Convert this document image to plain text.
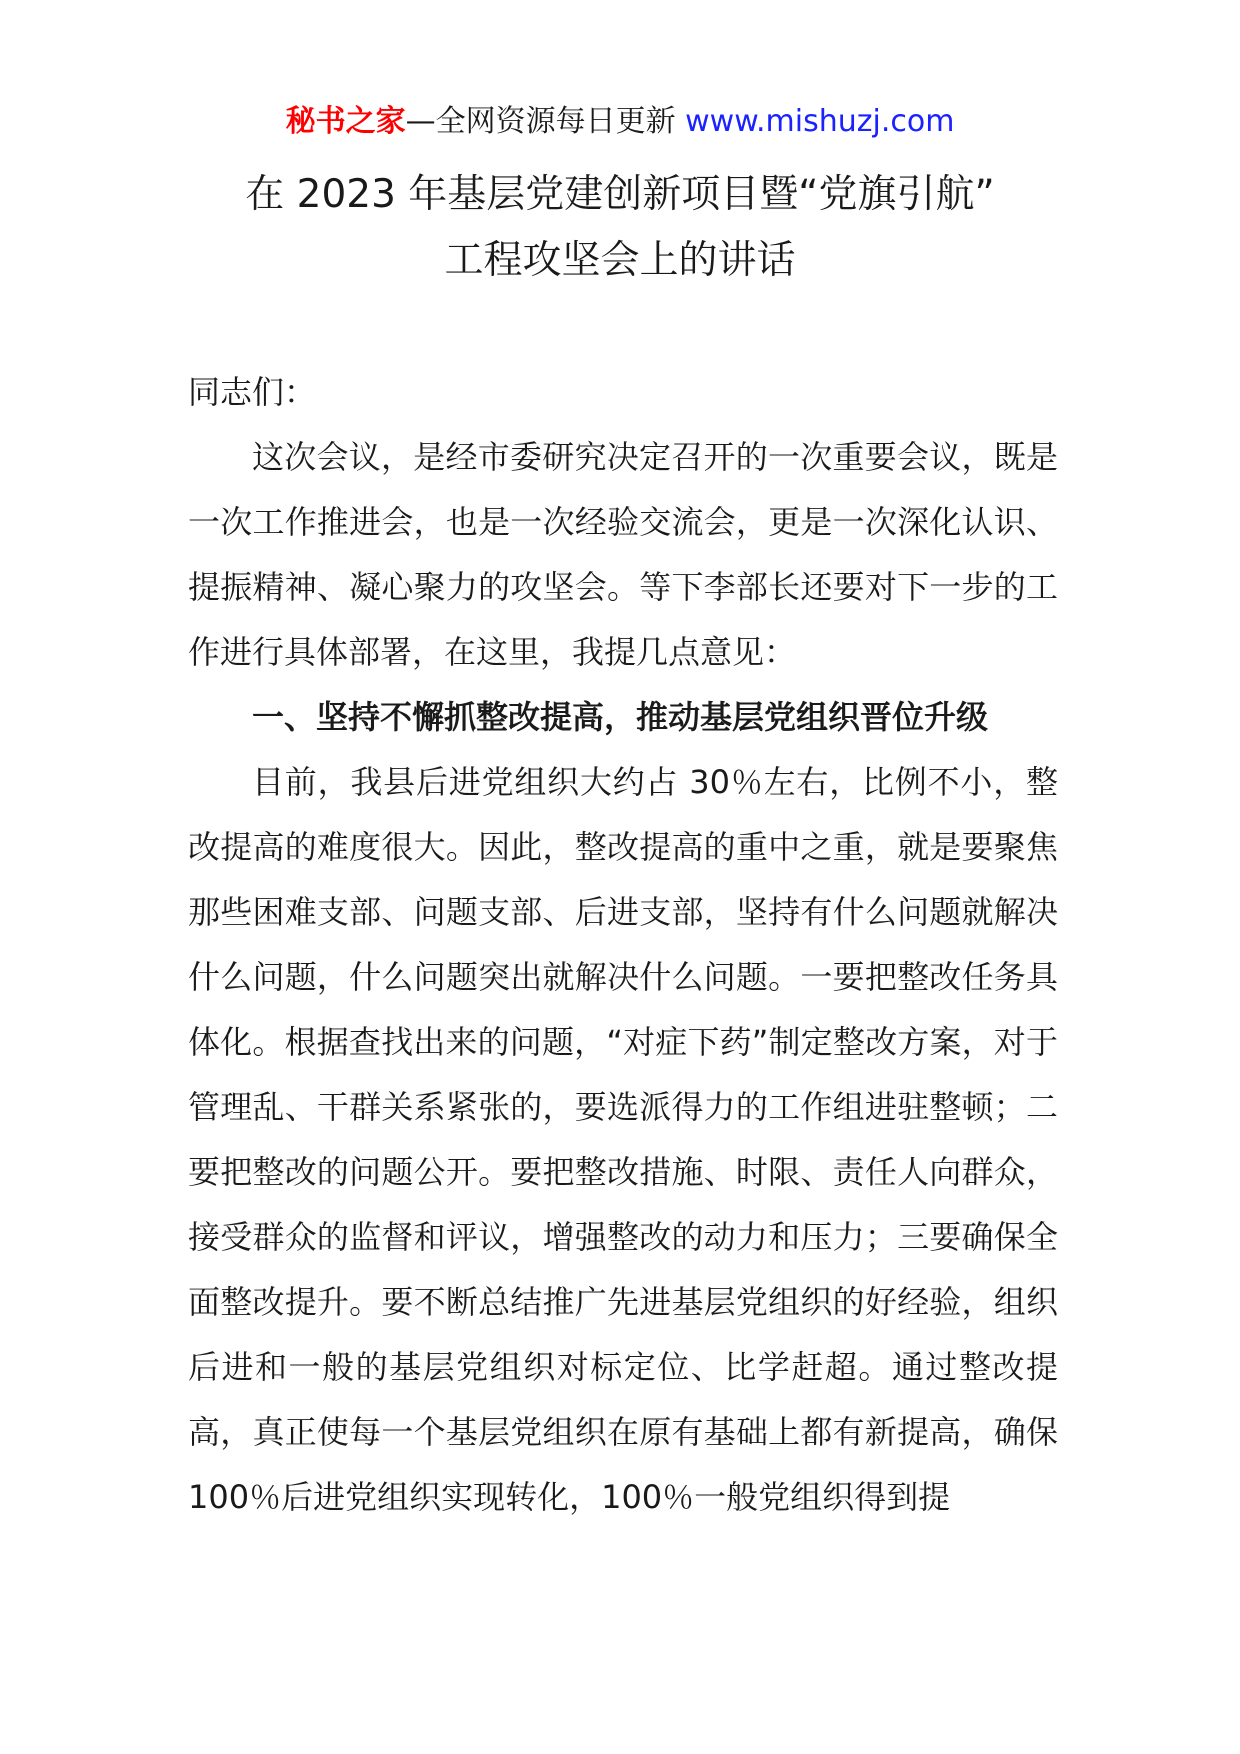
秘书之家—全网资源每日更新 www.mishuzj.com
在 2023 年基层党建创新项目暨“党旗引航”
工程攻坚会上的讲话

同志们：

这次会议，是经市委研究决定召开的一次重要会议，既是一次工作推进会，也是一次经验交流会，更是一次深化认识、提振精神、凝心聚力的攻坚会。等下李部长还要对下一步的工作进行具体部署，在这里，我提几点意见：

一、坚持不懈抓整改提高，推动基层党组织晋位升级

目前，我县后进党组织大约占 30％左右，比例不小，整改提高的难度很大。因此，整改提高的重中之重，就是要聚焦那些困难支部、问题支部、后进支部，坚持有什么问题就解决什么问题，什么问题突出就解决什么问题。一要把整改任务具体化。根据查找出来的问题，“对症下药”制定整改方案，对于管理乱、干群关系紧张的，要选派得力的工作组进驻整顿；二要把整改的问题公开。要把整改措施、时限、责任人向群众，接受群众的监督和评议，增强整改的动力和压力；三要确保全面整改提升。要不断总结推广先进基层党组织的好经验，组织后进和一般的基层党组织对标定位、比学赶超。通过整改提高，真正使每一个基层党组织在原有基础上都有新提高，确保 100％后进党组织实现转化，100％一般党组织得到提
